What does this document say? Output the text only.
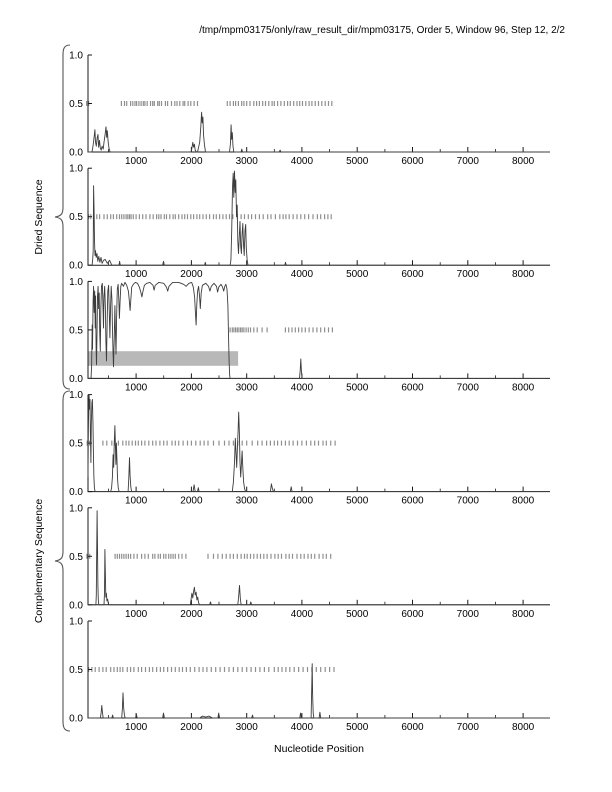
/tmp/mpm03175/only/raw_result_dir/mpm03175, Order 5, Window 96, Step 12, 2/2
Dried Sequence
Complementary Sequence
0.0
0.5
1.0
1000	2000	3000	4000	5000	6000	7000	8000
0.0
0.5
1.0
1000	2000	3000	4000	5000	6000	7000	8000
0.0
0.5
1.0
1000	2000	3000	4000	5000	6000	7000	8000
0.0
0.5
1.0
1000	2000	3000	4000	5000	6000	7000	8000
0.0
0.5
1.0
1000	2000	3000	4000	5000	6000	7000	8000
0.0
0.5
1.0
1000	2000	3000	4000	5000	6000	7000	8000
Nucleotide Position
